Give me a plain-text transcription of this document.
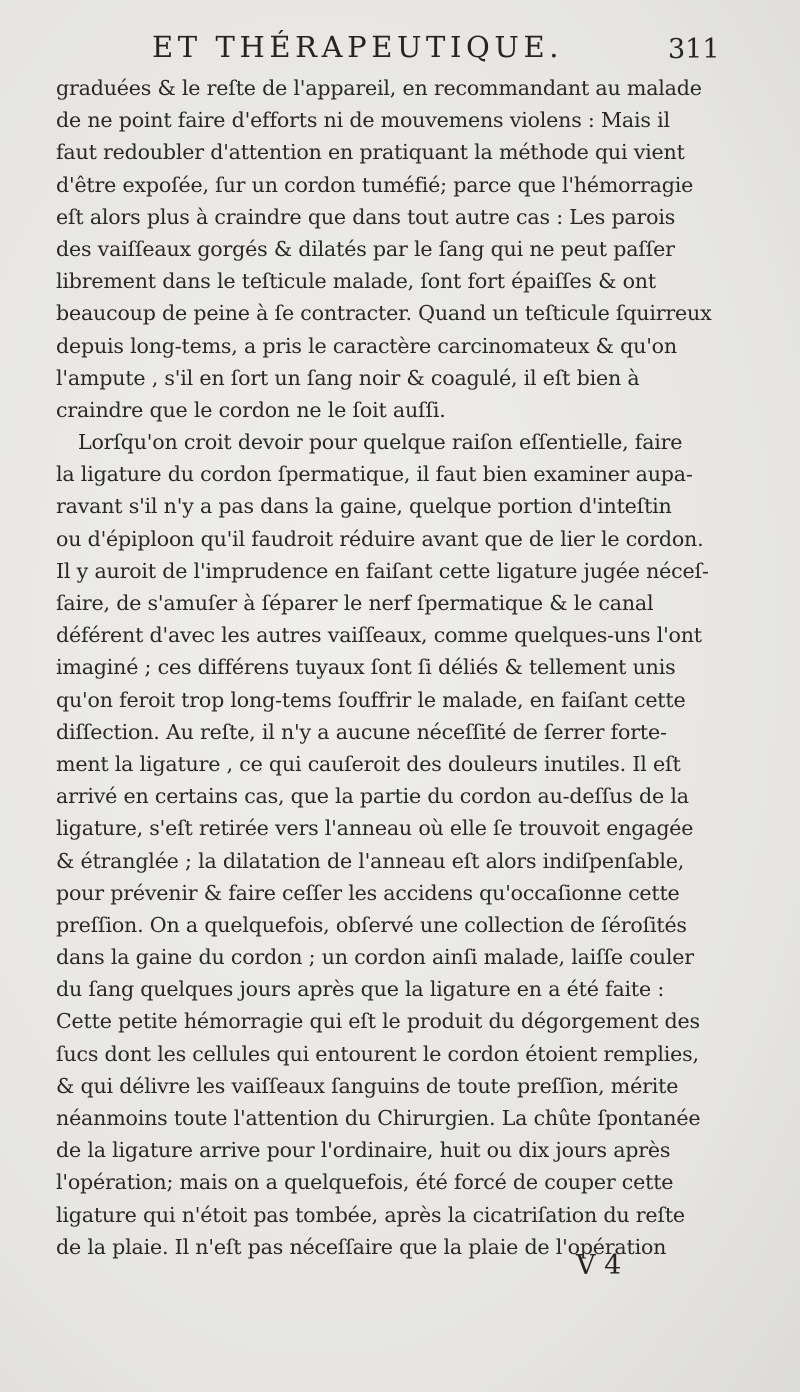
ET THÉRAPEUTIQUE.	311
graduées & le reſte de l'appareil, en recommandant au malade
de ne point faire d'efforts ni de mouvemens violens : Mais il
faut redoubler d'attention en pratiquant la méthode qui vient
d'être expoſée, ſur un cordon tuméfié; parce que l'hémorragie
eſt alors plus à craindre que dans tout autre cas : Les parois
des vaiſſeaux gorgés & dilatés par le ſang qui ne peut paſſer
librement dans le teſticule malade, ſont fort épaiſſes & ont
beaucoup de peine à ſe contracter. Quand un teſticule ſquirreux
depuis long-tems, a pris le caractère carcinomateux & qu'on
l'ampute , s'il en ſort un ſang noir & coagulé, il eſt bien à
craindre que le cordon ne le ſoit auſſi.
Lorſqu'on croit devoir pour quelque raiſon eſſentielle, faire
la ligature du cordon ſpermatique, il faut bien examiner aupa-
ravant s'il n'y a pas dans la gaine, quelque portion d'inteſtin
ou d'épiploon qu'il faudroit réduire avant que de lier le cordon.
Il y auroit de l'imprudence en faiſant cette ligature jugée néceſ-
ſaire, de s'amuſer à ſéparer le nerf ſpermatique & le canal
déférent d'avec les autres vaiſſeaux, comme quelques-uns l'ont
imaginé ; ces différens tuyaux ſont ſi déliés & tellement unis
qu'on feroit trop long-tems ſouffrir le malade, en faiſant cette
diſſection. Au reſte, il n'y a aucune néceſſité de ſerrer forte-
ment la ligature , ce qui cauſeroit des douleurs inutiles. Il eſt
arrivé en certains cas, que la partie du cordon au-deſſus de la
ligature, s'eſt retirée vers l'anneau où elle ſe trouvoit engagée
& étranglée ; la dilatation de l'anneau eſt alors indiſpenſable,
pour prévenir & faire ceſſer les accidens qu'occaſionne cette
preſſion. On a quelquefois, obſervé une collection de ſéroſités
dans la gaine du cordon ; un cordon ainſi malade, laiſſe couler
du ſang quelques jours après que la ligature en a été faite :
Cette petite hémorragie qui eſt le produit du dégorgement des
ſucs dont les cellules qui entourent le cordon étoient remplies,
& qui délivre les vaiſſeaux ſanguins de toute preſſion, mérite
néanmoins toute l'attention du Chirurgien. La chûte ſpontanée
de la ligature arrive pour l'ordinaire, huit ou dix jours après
l'opération; mais on a quelquefois, été forcé de couper cette
ligature qui n'étoit pas tombée, après la cicatriſation du reſte
de la plaie. Il n'eſt pas néceſſaire que la plaie de l'opération
V 4
